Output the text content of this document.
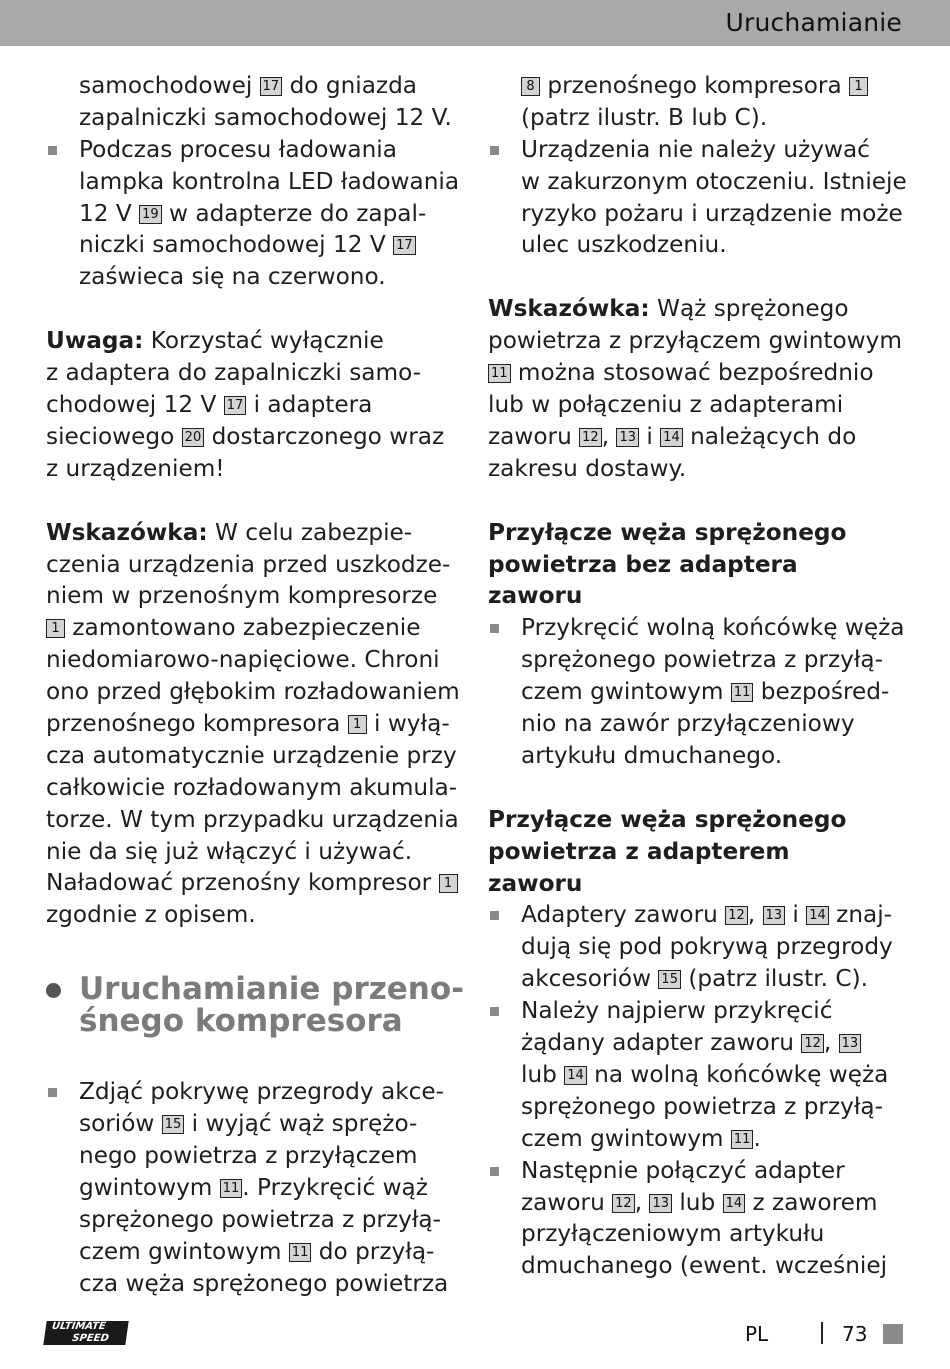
Uruchamianie
samochodowej 17 do gniazda
zapalniczki samochodowej 12 V.
Podczas procesu ładowania
lampka kontrolna LED ładowania
12 V 19 w adapterze do zapal-
niczki samochodowej 12 V 17
zaświeca się na czerwono.
Uwaga: Korzystać wyłącznie
z adaptera do zapalniczki samo-
chodowej 12 V 17 i adaptera
sieciowego 20 dostarczonego wraz
z urządzeniem!
Wskazówka: W celu zabezpie-
czenia urządzenia przed uszkodze-
niem w przenośnym kompresorze
1 zamontowano zabezpieczenie
niedomiarowo-napięciowe. Chroni
ono przed głębokim rozładowaniem
przenośnego kompresora 1 i wyłą-
cza automatycznie urządzenie przy
całkowicie rozładowanym akumula-
torze. W tym przypadku urządzenia
nie da się już włączyć i używać.
Naładować przenośny kompresor 1
zgodnie z opisem.
Uruchamianie przeno-
śnego kompresora
Zdjąć pokrywę przegrody akce-
soriów 15 i wyjąć wąż sprężo-
nego powietrza z przyłączem
gwintowym 11 . Przykręcić wąż
sprężonego powietrza z przyłą-
czem gwintowym 11 do przyłą-
cza węża sprężonego powietrza
8 przenośnego kompresora 1
(patrz ilustr. B lub C).
Urządzenia nie należy używać
w zakurzonym otoczeniu. Istnieje
ryzyko pożaru i urządzenie może
ulec uszkodzeniu.
Wskazówka: Wąż sprężonego
powietrza z przyłączem gwintowym
11 można stosować bezpośrednio
lub w połączeniu z adapterami
zaworu 12 , 13 i 14 należących do
zakresu dostawy.
Przyłącze węża sprężonego
powietrza bez adaptera
zaworu
Przykręcić wolną końcówkę węża
sprężonego powietrza z przyłą-
czem gwintowym 11 bezpośred-
nio na zawór przyłączeniowy
artykułu dmuchanego.
Przyłącze węża sprężonego
powietrza z adapterem
zaworu
Adaptery zaworu 12 , 13 i 14 znaj-
dują się pod pokrywą przegrody
akcesoriów 15 (patrz ilustr. C).
Należy najpierw przykręcić
żądany adapter zaworu 12 , 13
lub 14 na wolną końcówkę węża
sprężonego powietrza z przyłą-
czem gwintowym 11 .
Następnie połączyć adapter
zaworu 12 , 13 lub 14 z zaworem
przyłączeniowym artykułu
dmuchanego (ewent. wcześniej
ULTIMATE
SPEED	PL	73
